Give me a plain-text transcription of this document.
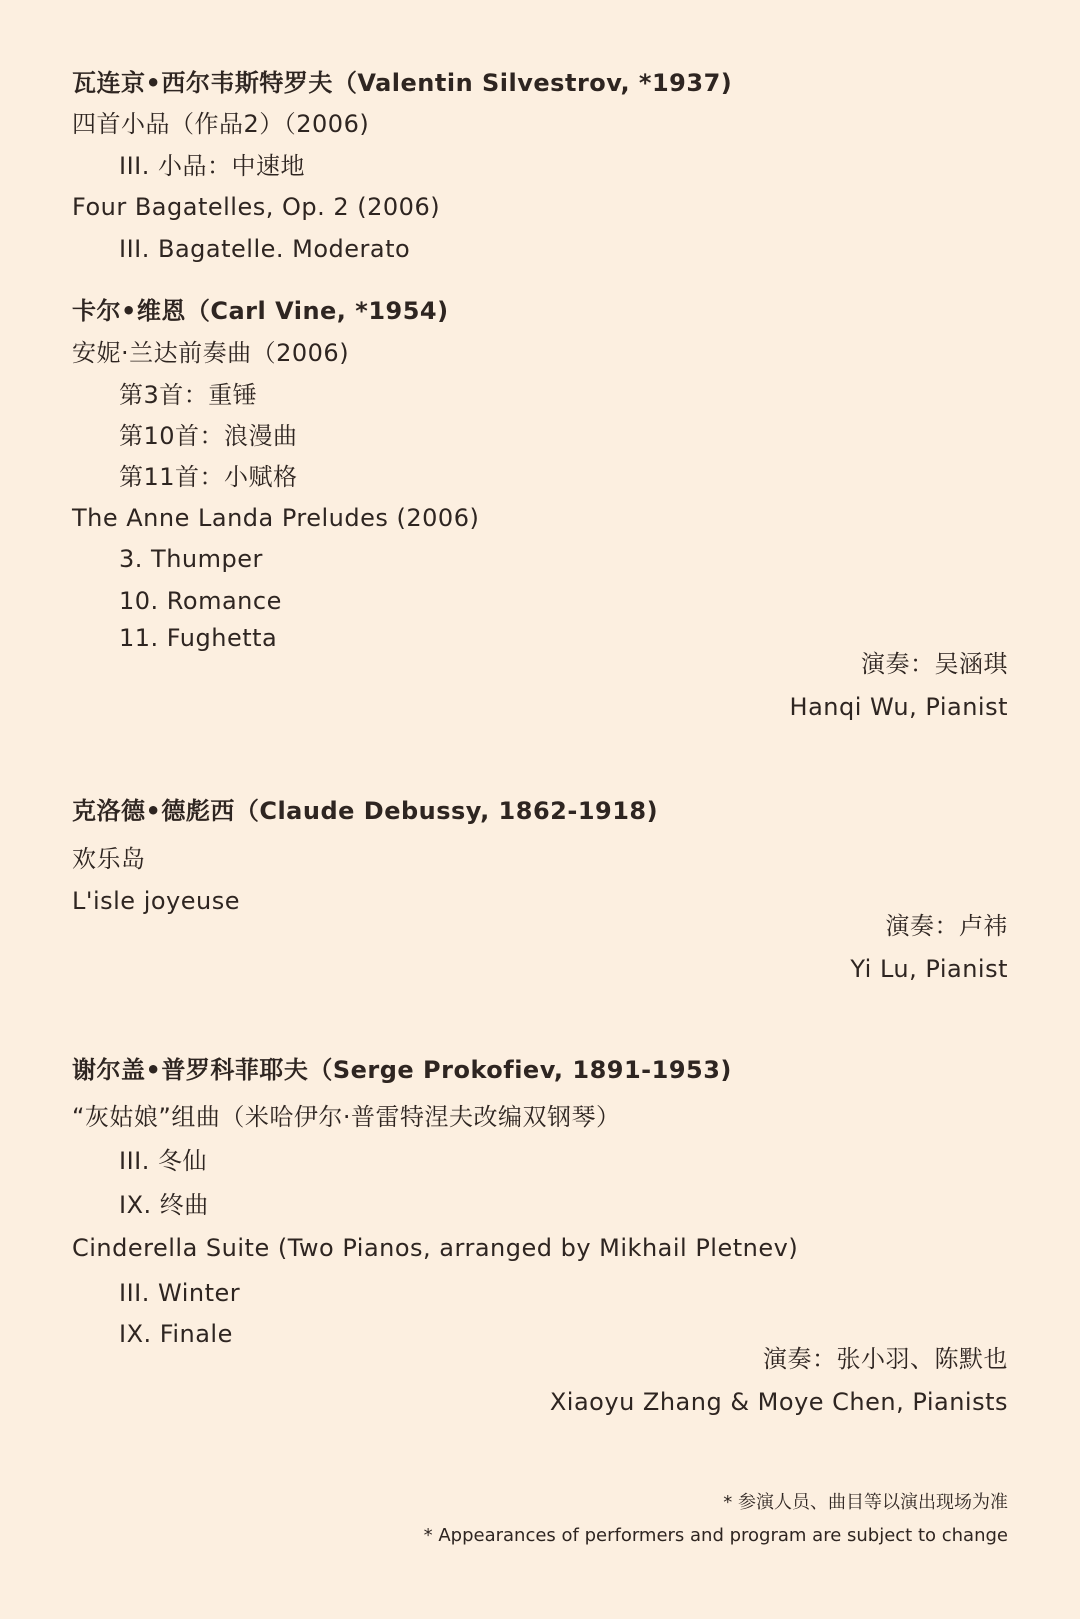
瓦连京•西尔韦斯特罗夫（Valentin Silvestrov, *1937)
四首小品（作品2）（2006)
III. 小品：中速地
Four Bagatelles, Op. 2 (2006)
III. Bagatelle. Moderato
卡尔•维恩（Carl Vine, *1954)
安妮·兰达前奏曲（2006)
第3首：重锤
第10首：浪漫曲
第11首：小赋格
The Anne Landa Preludes (2006)
3. Thumper
10. Romance
11. Fughetta
演奏：吴涵琪
Hanqi Wu, Pianist
克洛德•德彪西（Claude Debussy, 1862-1918)
欢乐岛
L'isle joyeuse
演奏：卢祎
Yi Lu, Pianist
谢尔盖•普罗科菲耶夫（Serge Prokofiev, 1891-1953)
“灰姑娘”组曲（米哈伊尔·普雷特涅夫改编双钢琴）
III. 冬仙
IX. 终曲
Cinderella Suite (Two Pianos, arranged by Mikhail Pletnev)
III. Winter
IX. Finale
演奏：张小羽、陈默也
Xiaoyu Zhang & Moye Chen, Pianists
* 参演人员、曲目等以演出现场为准
* Appearances of performers and program are subject to change
